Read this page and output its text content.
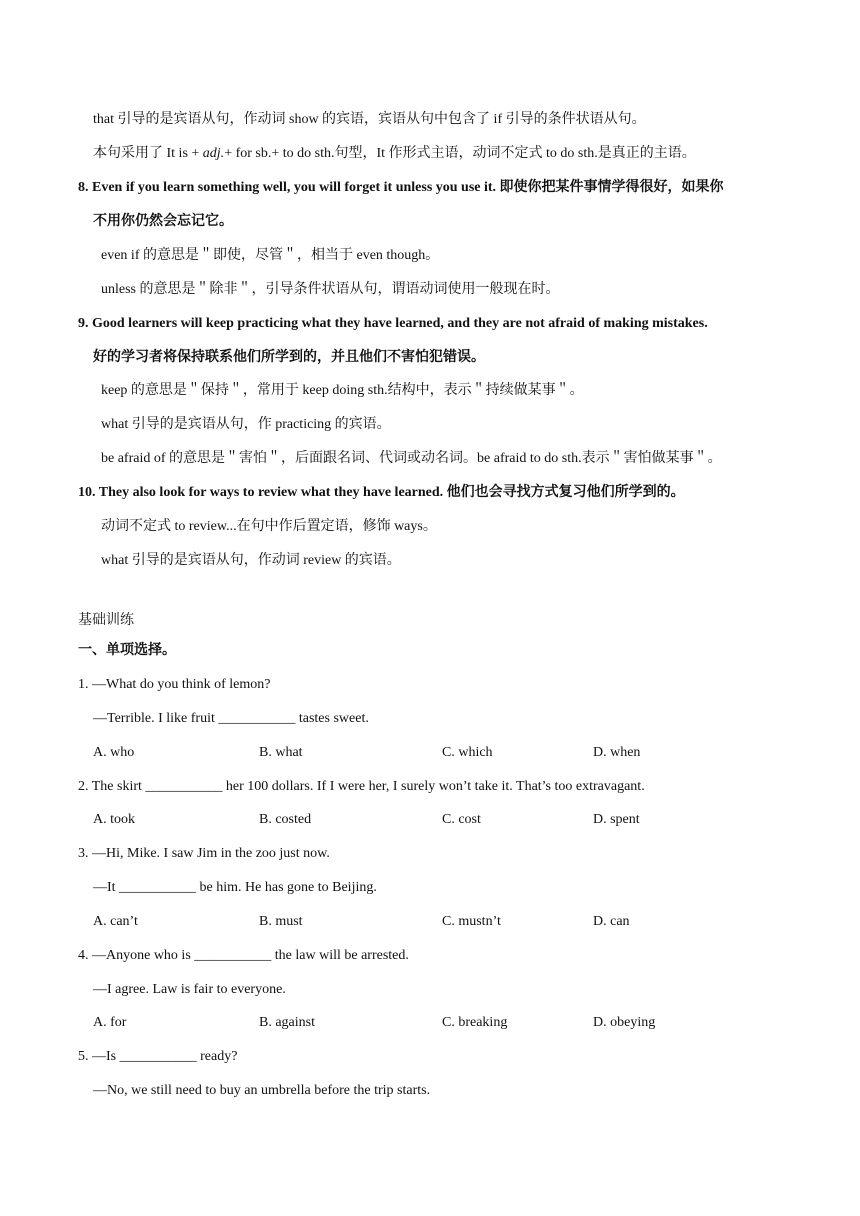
that 引导的是宾语从句，作动词 show 的宾语，宾语从句中包含了 if 引导的条件状语从句。
本句采用了 It is + adj.+ for sb.+ to do sth.句型，It 作形式主语，动词不定式 to do sth.是真正的主语。
8. Even if you learn something well, you will forget it unless you use it. 即使你把某件事情学得很好，如果你
不用你仍然会忘记它。
even if 的意思是＂即使，尽管＂，相当于 even though。
unless 的意思是＂除非＂，引导条件状语从句，谓语动词使用一般现在时。
9. Good learners will keep practicing what they have learned, and they are not afraid of making mistakes.
好的学习者将保持联系他们所学到的，并且他们不害怕犯错误。
keep 的意思是＂保持＂，常用于 keep doing sth.结构中，表示＂持续做某事＂。
what 引导的是宾语从句，作 practicing 的宾语。
be afraid of 的意思是＂害怕＂，后面跟名词、代词或动名词。be afraid to do sth.表示＂害怕做某事＂。
10. They also look for ways to review what they have learned. 他们也会寻找方式复习他们所学到的。
动词不定式 to review...在句中作后置定语，修饰 ways。
what 引导的是宾语从句，作动词 review 的宾语。
基础训练
一、单项选择。
1. —What do you think of lemon?
—Terrible. I like fruit ___________ tastes sweet.
A. who	B. what	C. which	D. when
2. The skirt ___________ her 100 dollars. If I were her, I surely won’t take it. That’s too extravagant.
A. took	B. costed	C. cost	D. spent
3. —Hi, Mike. I saw Jim in the zoo just now.
—It ___________ be him. He has gone to Beijing.
A. can’t	B. must	C. mustn’t	D. can
4. —Anyone who is ___________ the law will be arrested.
—I agree. Law is fair to everyone.
A. for	B. against	C. breaking	D. obeying
5. —Is ___________ ready?
—No, we still need to buy an umbrella before the trip starts.
